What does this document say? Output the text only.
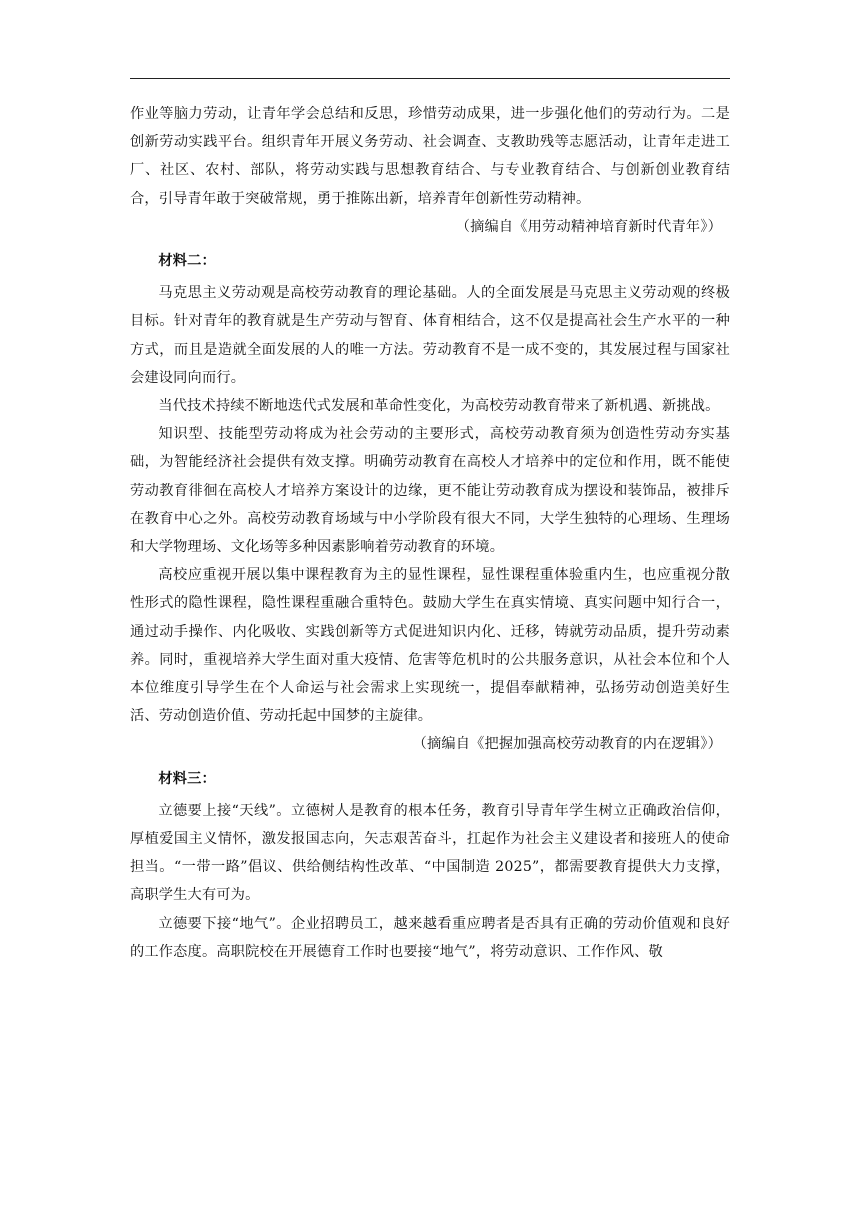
作业等脑力劳动，让青年学会总结和反思，珍惜劳动成果，进一步强化他们的劳动行为。二是创新劳动实践平台。组织青年开展义务劳动、社会调查、支教助残等志愿活动，让青年走进工厂、社区、农村、部队，将劳动实践与思想教育结合、与专业教育结合、与创新创业教育结合，引导青年敢于突破常规，勇于推陈出新，培养青年创新性劳动精神。

（摘编自《用劳动精神培育新时代青年》）

材料二：

马克思主义劳动观是高校劳动教育的理论基础。人的全面发展是马克思主义劳动观的终极目标。针对青年的教育就是生产劳动与智育、体育相结合，这不仅是提高社会生产水平的一种方式，而且是造就全面发展的人的唯一方法。劳动教育不是一成不变的，其发展过程与国家社会建设同向而行。

当代技术持续不断地迭代式发展和革命性变化，为高校劳动教育带来了新机遇、新挑战。

知识型、技能型劳动将成为社会劳动的主要形式，高校劳动教育须为创造性劳动夯实基础，为智能经济社会提供有效支撑。明确劳动教育在高校人才培养中的定位和作用，既不能使劳动教育徘徊在高校人才培养方案设计的边缘，更不能让劳动教育成为摆设和装饰品，被排斥在教育中心之外。高校劳动教育场域与中小学阶段有很大不同，大学生独特的心理场、生理场和大学物理场、文化场等多种因素影响着劳动教育的环境。

高校应重视开展以集中课程教育为主的显性课程，显性课程重体验重内生，也应重视分散性形式的隐性课程，隐性课程重融合重特色。鼓励大学生在真实情境、真实问题中知行合一，通过动手操作、内化吸收、实践创新等方式促进知识内化、迁移，铸就劳动品质，提升劳动素养。同时，重视培养大学生面对重大疫情、危害等危机时的公共服务意识，从社会本位和个人本位维度引导学生在个人命运与社会需求上实现统一，提倡奉献精神，弘扬劳动创造美好生活、劳动创造价值、劳动托起中国梦的主旋律。

（摘编自《把握加强高校劳动教育的内在逻辑》）

材料三：

立德要上接“天线”。立德树人是教育的根本任务，教育引导青年学生树立正确政治信仰，厚植爱国主义情怀，激发报国志向，矢志艰苦奋斗，扛起作为社会主义建设者和接班人的使命担当。“一带一路”倡议、供给侧结构性改革、“中国制造 2025”，都需要教育提供大力支撑，高职学生大有可为。

立德要下接“地气”。企业招聘员工，越来越看重应聘者是否具有正确的劳动价值观和良好的工作态度。高职院校在开展德育工作时也要接“地气”，将劳动意识、工作作风、敬
